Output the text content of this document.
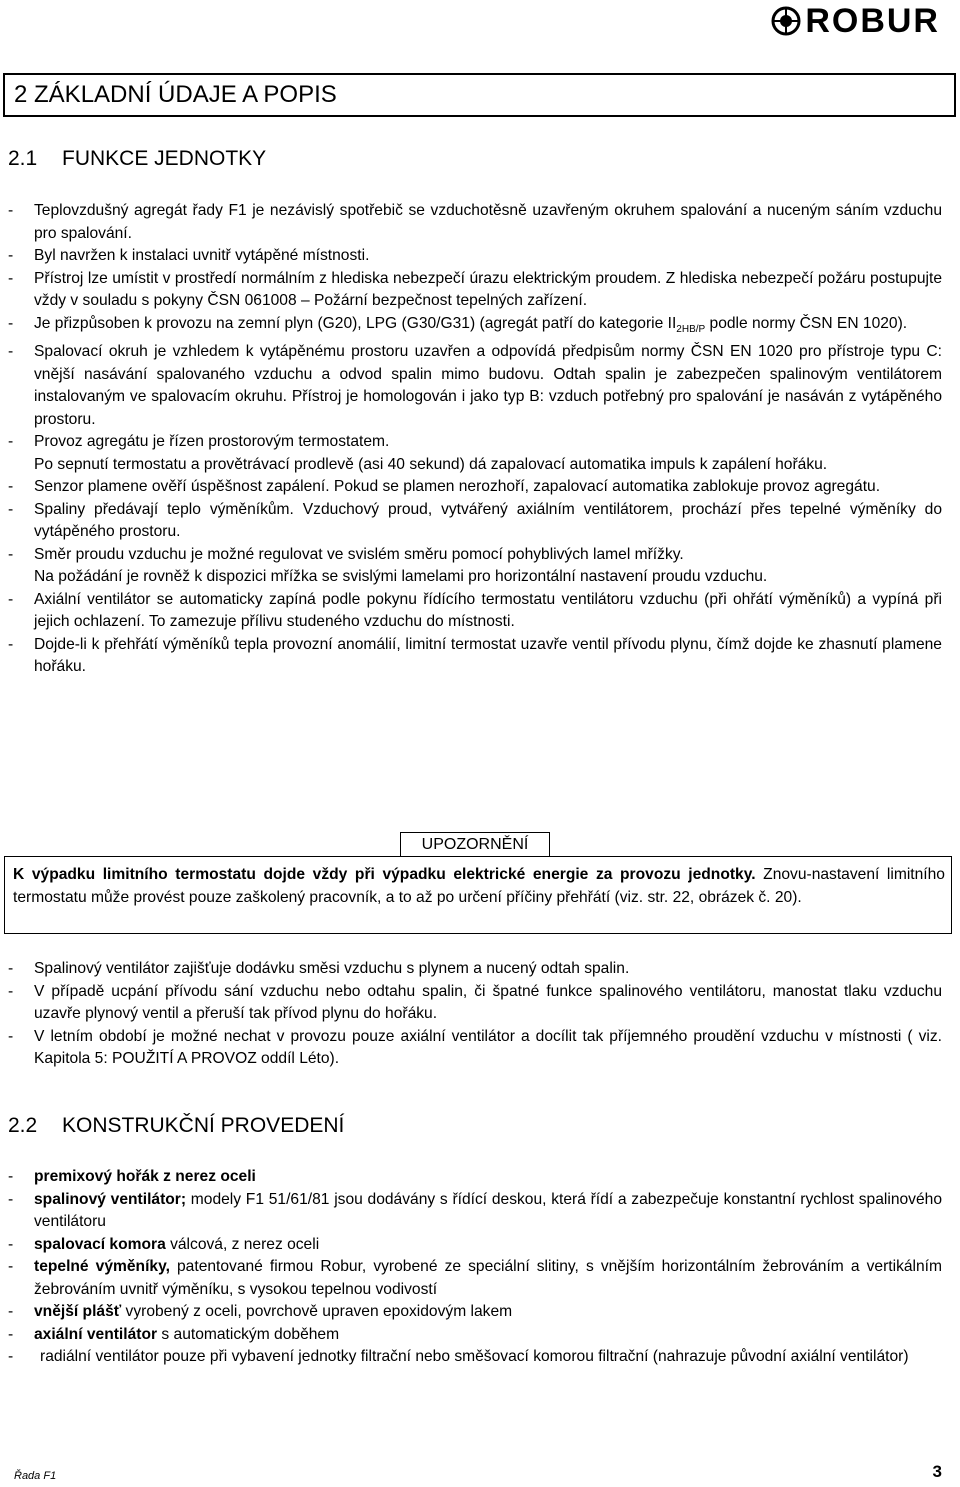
ROBUR
2 ZÁKLADNÍ ÚDAJE A POPIS
2.1 FUNKCE JEDNOTKY
-	Teplovzdušný agregát řady F1 je nezávislý spotřebič se vzduchotěsně uzavřeným okruhem spalování a nuceným sáním vzduchu pro spalování.
-	Byl navržen k instalaci uvnitř vytápěné místnosti.
-	Přístroj lze umístit v prostředí normálním z hlediska nebezpečí úrazu elektrickým proudem. Z hlediska nebezpečí požáru postupujte vždy v souladu s pokyny ČSN 061008 – Požární bezpečnost tepelných zařízení.
-	Je přizpůsoben k provozu na zemní plyn (G20), LPG (G30/G31) (agregát patří do kategorie $II_{2HB/P}$ podle normy ČSN EN 1020).
-	Spalovací okruh je vzhledem k vytápěnému prostoru uzavřen a odpovídá předpisům normy ČSN EN 1020 pro přístroje typu C: vnější nasávání spalovaného vzduchu a odvod spalin mimo budovu. Odtah spalin je zabezpečen spalinovým ventilátorem instalovaným ve spalovacím okruhu. Přístroj je homologován i jako typ B: vzduch potřebný pro spalování je nasáván z vytápěného prostoru.
-	Provoz agregátu je řízen prostorovým termostatem.
Po sepnutí termostatu a provětrávací prodlevě (asi 40 sekund) dá zapalovací automatika impuls k zapálení hořáku.
-	Senzor plamene ověří úspěšnost zapálení. Pokud se plamen nerozhoří, zapalovací automatika zablokuje provoz agregátu.
-	Spaliny předávají teplo výměníkům. Vzduchový proud, vytvářený axiálním ventilátorem, prochází přes tepelné výměníky do vytápěného prostoru.
-	Směr proudu vzduchu je možné regulovat ve svislém směru pomocí pohyblivých lamel mřížky.
Na požádání je rovněž k dispozici mřížka se svislými lamelami pro horizontální nastavení proudu vzduchu.
-	Axiální ventilátor se automaticky zapíná podle pokynu řídícího termostatu ventilátoru vzduchu (při ohřátí výměníků) a vypíná při jejich ochlazení. To zamezuje přílivu studeného vzduchu do místnosti.
-	Dojde-li k přehřátí výměníků tepla provozní anomálií, limitní termostat uzavře ventil přívodu plynu, čímž dojde ke zhasnutí plamene hořáku.
UPOZORNĚNÍ
K výpadku limitního termostatu dojde vždy při výpadku elektrické energie za provozu jednotky. Znovu-nastavení limitního termostatu může provést pouze zaškolený pracovník, a to až po určení příčiny přehřátí (viz. str. 22, obrázek č. 20).
-	Spalinový ventilátor zajišťuje dodávku směsi vzduchu s plynem a nucený odtah spalin.
-	V případě ucpání přívodu sání vzduchu nebo odtahu spalin, či špatné funkce spalinového ventilátoru, manostat tlaku vzduchu uzavře plynový ventil a přeruší tak přívod plynu do hořáku.
-	V letním období je možné nechat v provozu pouze axiální ventilátor a docílit tak příjemného proudění vzduchu v místnosti ( viz. Kapitola 5: POUŽITÍ A PROVOZ oddíl Léto).
2.2 KONSTRUKČNÍ PROVEDENÍ
-	premixový hořák z nerez oceli
-	spalinový ventilátor; modely F1 51/61/81 jsou dodávány s řídící deskou, která řídí a zabezpečuje konstantní rychlost spalinového ventilátoru
-	spalovací komora válcová, z nerez oceli
-	tepelné výměníky, patentované firmou Robur, vyrobené ze speciální slitiny, s vnějším horizontálním žebrováním a vertikálním žebrováním uvnitř výměníku, s vysokou tepelnou vodivostí
-	vnější plášť vyrobený z oceli, povrchově upraven epoxidovým lakem
-	axiální ventilátor s automatickým doběhem
-	radiální ventilátor pouze při vybavení jednotky filtrační nebo směšovací komorou filtrační (nahrazuje původní axiální ventilátor)
Řada F1	3
